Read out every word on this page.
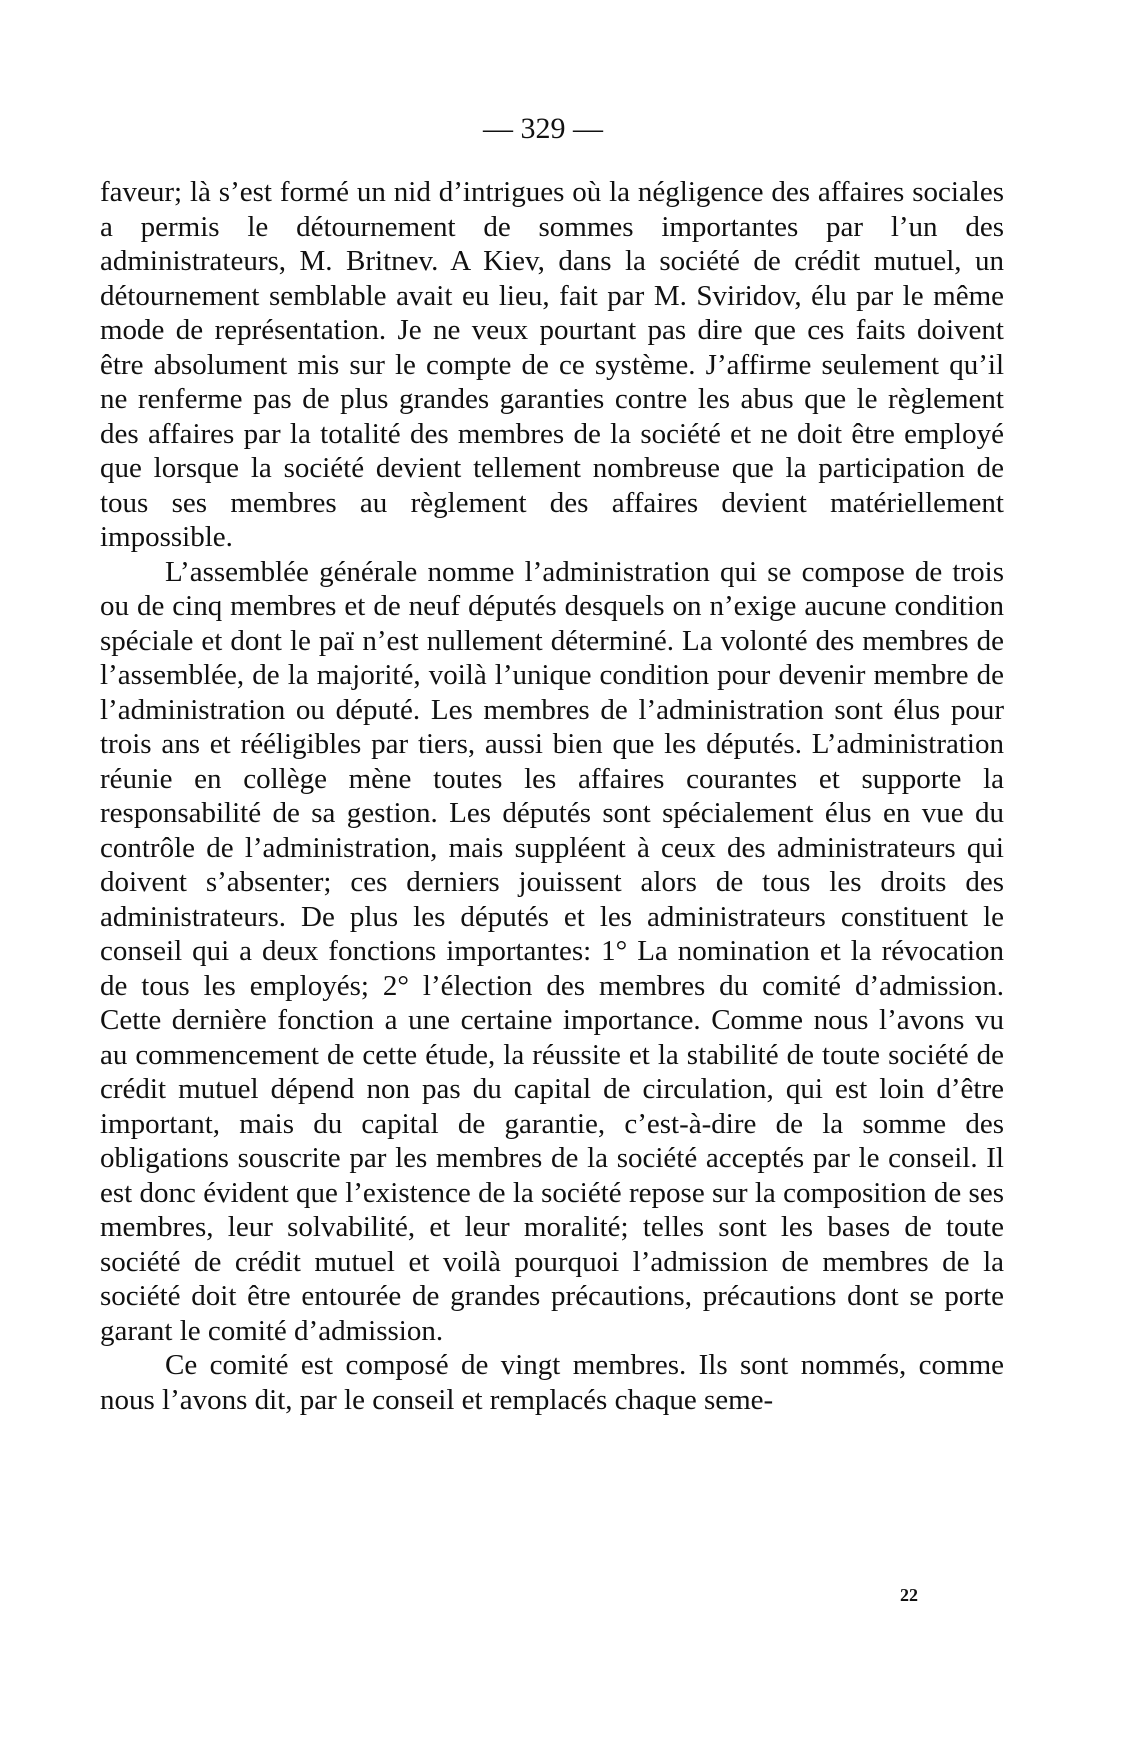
— 329 —

faveur; là s’est formé un nid d’intrigues où la négligence des affaires sociales a permis le détournement de sommes importantes par l’un des administrateurs, M. Britnev. A Kiev, dans la société de crédit mutuel, un détournement semblable avait eu lieu, fait par M. Sviridov, élu par le même mode de représentation. Je ne veux pourtant pas dire que ces faits doivent être absolument mis sur le compte de ce système. J’affirme seulement qu’il ne renferme pas de plus grandes garanties contre les abus que le règlement des affaires par la totalité des membres de la société et ne doit être employé que lorsque la société devient tellement nombreuse que la participation de tous ses membres au règlement des affaires devient matériellement impossible.

L’assemblée générale nomme l’administration qui se compose de trois ou de cinq membres et de neuf députés desquels on n’exige aucune condition spéciale et dont le paï n’est nullement déterminé. La volonté des membres de l’assemblée, de la majorité, voilà l’unique condition pour devenir membre de l’administration ou député. Les membres de l’administration sont élus pour trois ans et rééligibles par tiers, aussi bien que les députés. L’administration réunie en collège mène toutes les affaires courantes et supporte la responsabilité de sa gestion. Les députés sont spécialement élus en vue du contrôle de l’administration, mais suppléent à ceux des administrateurs qui doivent s’absenter; ces derniers jouissent alors de tous les droits des administrateurs. De plus les députés et les administrateurs constituent le conseil qui a deux fonctions importantes: 1° La nomination et la révocation de tous les employés; 2° l’élection des membres du comité d’admission. Cette dernière fonction a une certaine importance. Comme nous l’avons vu au commencement de cette étude, la réussite et la stabilité de toute société de crédit mutuel dépend non pas du capital de circulation, qui est loin d’être important, mais du capital de garantie, c’est-à-dire de la somme des obligations souscrite par les membres de la société acceptés par le conseil. Il est donc évident que l’existence de la société repose sur la composition de ses membres, leur solvabilité, et leur moralité; telles sont les bases de toute société de crédit mutuel et voilà pourquoi l’admission de membres de la société doit être entourée de grandes précautions, précautions dont se porte garant le comité d’admission.

Ce comité est composé de vingt membres. Ils sont nommés, comme nous l’avons dit, par le conseil et remplacés chaque seme-

22
